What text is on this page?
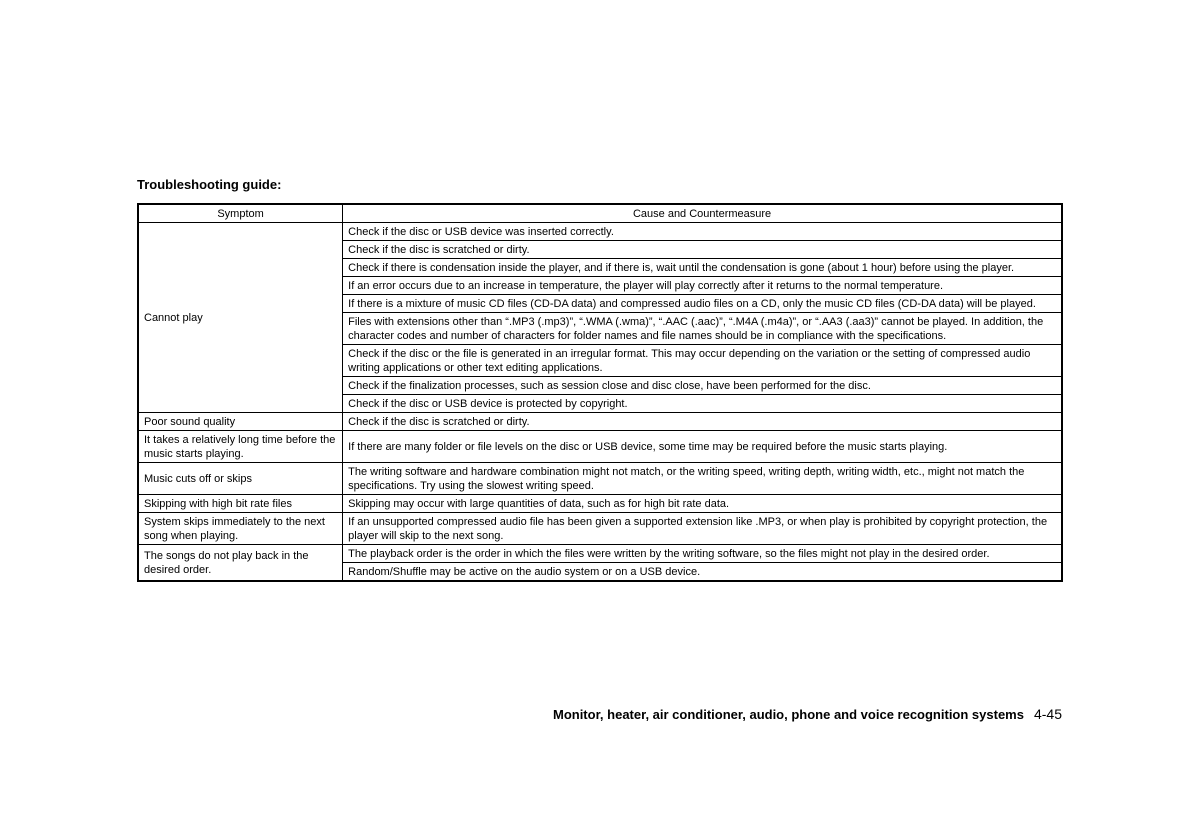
Troubleshooting guide:
Symptom	Cause and Countermeasure
Cannot play	Check if the disc or USB device was inserted correctly.
	Check if the disc is scratched or dirty.
	Check if there is condensation inside the player, and if there is, wait until the condensation is gone (about 1 hour) before using the player.
	If an error occurs due to an increase in temperature, the player will play correctly after it returns to the normal temperature.
	If there is a mixture of music CD files (CD-DA data) and compressed audio files on a CD, only the music CD files (CD-DA data) will be played.
	Files with extensions other than “.MP3 (.mp3)”, “.WMA (.wma)”, “.AAC (.aac)”, “.M4A (.m4a)”, or “.AA3 (.aa3)” cannot be played. In addition, the character codes and number of characters for folder names and file names should be in compliance with the specifications.
	Check if the disc or the file is generated in an irregular format. This may occur depending on the variation or the setting of compressed audio writing applications or other text editing applications.
	Check if the finalization processes, such as session close and disc close, have been performed for the disc.
	Check if the disc or USB device is protected by copyright.
Poor sound quality	Check if the disc is scratched or dirty.
It takes a relatively long time before the music starts playing.	If there are many folder or file levels on the disc or USB device, some time may be required before the music starts playing.
Music cuts off or skips	The writing software and hardware combination might not match, or the writing speed, writing depth, writing width, etc., might not match the specifications. Try using the slowest writing speed.
Skipping with high bit rate files	Skipping may occur with large quantities of data, such as for high bit rate data.
System skips immediately to the next song when playing.	If an unsupported compressed audio file has been given a supported extension like .MP3, or when play is prohibited by copyright protection, the player will skip to the next song.
The songs do not play back in the desired order.	The playback order is the order in which the files were written by the writing software, so the files might not play in the desired order.
	Random/Shuffle may be active on the audio system or on a USB device.
Monitor, heater, air conditioner, audio, phone and voice recognition systems 4-45
